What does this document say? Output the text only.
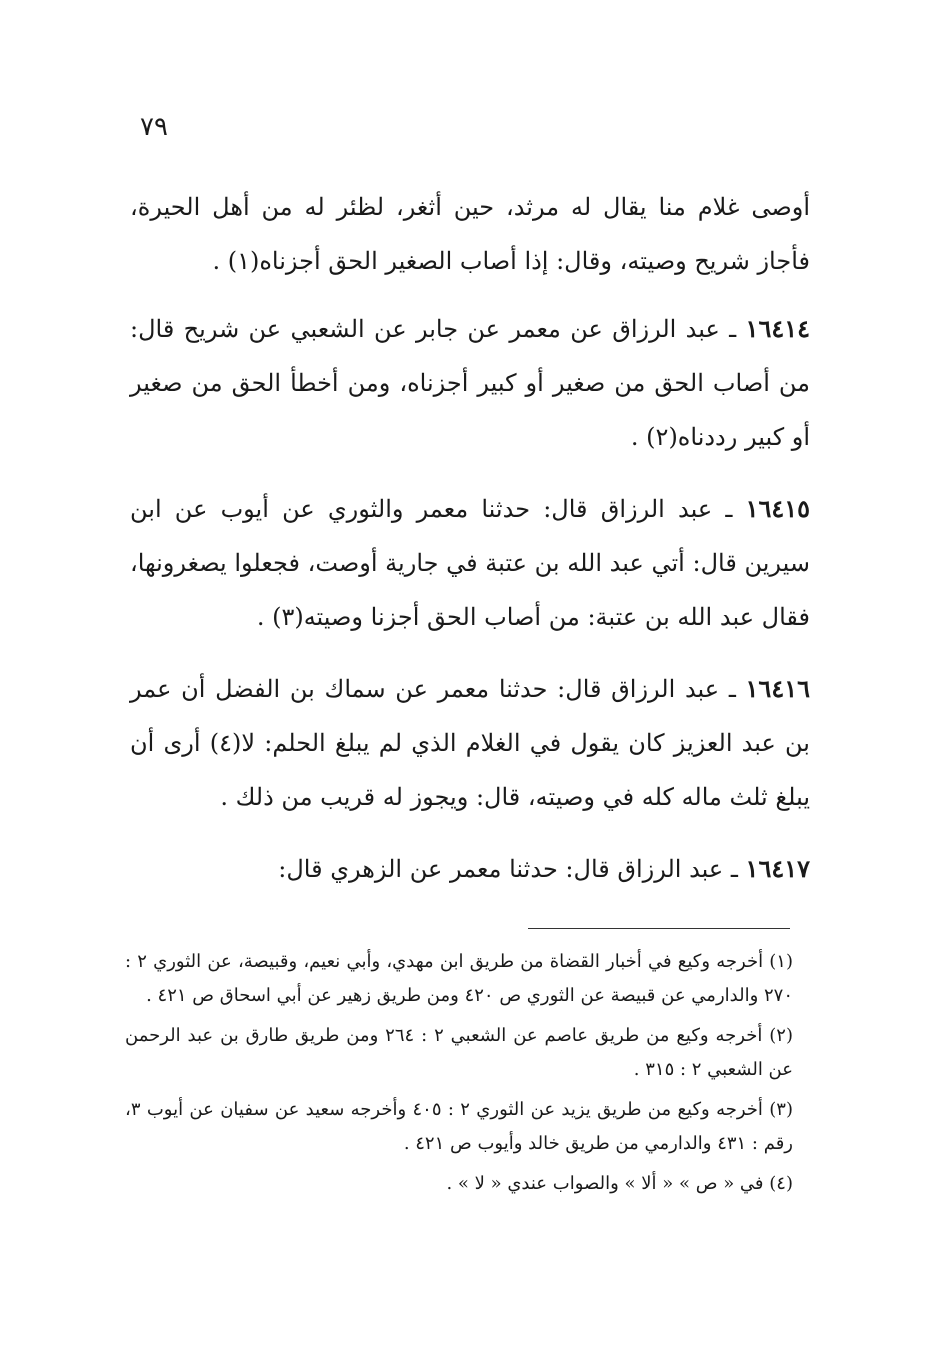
٧٩

أوصى غلام منا يقال له مرثد، حين أثغر، لظئر له من أهل الحيرة، فأجاز شريح وصيته، وقال: إذا أصاب الصغير الحق أجزناه(١) .

١٦٤١٤ ـ عبد الرزاق عن معمر عن جابر عن الشعبي عن شريح قال: من أصاب الحق من صغير أو كبير أجزناه، ومن أخطأ الحق من صغير أو كبير رددناه(٢) .

١٦٤١٥ ـ عبد الرزاق قال: حدثنا معمر والثوري عن أيوب عن ابن سيرين قال: أتي عبد الله بن عتبة في جارية أوصت، فجعلوا يصغرونها، فقال عبد الله بن عتبة: من أصاب الحق أجزنا وصيته(٣) .

١٦٤١٦ ـ عبد الرزاق قال: حدثنا معمر عن سماك بن الفضل أن عمر بن عبد العزيز كان يقول في الغلام الذي لم يبلغ الحلم: لا(٤) أرى أن يبلغ ثلث ماله كله في وصيته، قال: ويجوز له قريب من ذلك .

١٦٤١٧ ـ عبد الرزاق قال: حدثنا معمر عن الزهري قال:

(١) أخرجه وكيع في أخبار القضاة من طريق ابن مهدي، وأبي نعيم، وقبيصة، عن الثوري ٢ : ٢٧٠ والدارمي عن قبيصة عن الثوري ص ٤٢٠ ومن طريق زهير عن أبي اسحاق ص ٤٢١ .

(٢) أخرجه وكيع من طريق عاصم عن الشعبي ٢ : ٢٦٤ ومن طريق طارق بن عبد الرحمن عن الشعبي ٢ : ٣١٥ .

(٣) أخرجه وكيع من طريق يزيد عن الثوري ٢ : ٤٠٥ وأخرجه سعيد عن سفيان عن أيوب ٣، رقم : ٤٣١ والدارمي من طريق خالد وأيوب ص ٤٢١ .

(٤) في « ص » « ألا » والصواب عندي « لا » .
